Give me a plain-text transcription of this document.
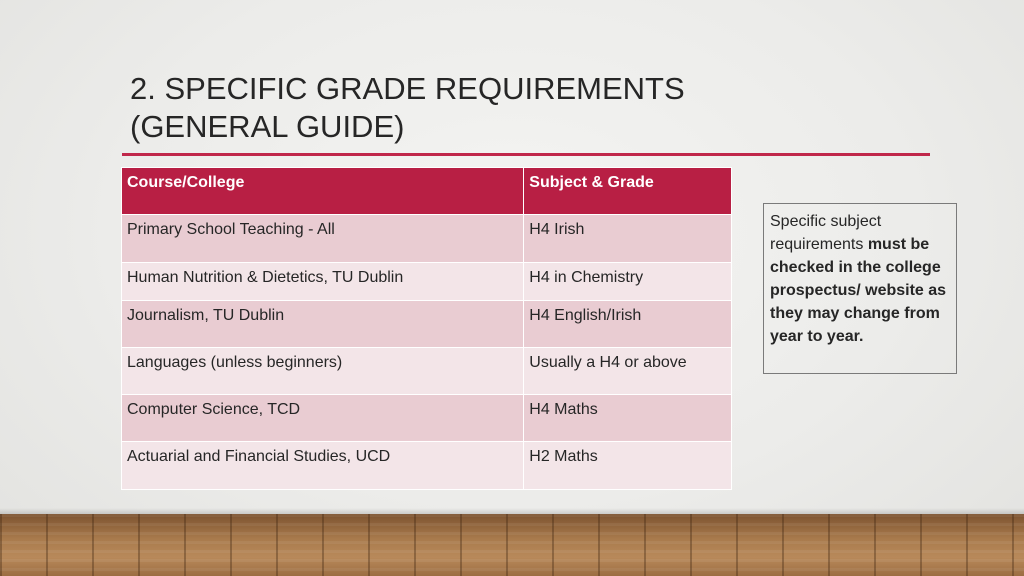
2. SPECIFIC GRADE REQUIREMENTS
(GENERAL GUIDE)
Course/College	Subject & Grade
Primary School Teaching - All	H4 Irish
Human Nutrition & Dietetics, TU Dublin	H4 in Chemistry
Journalism, TU Dublin	H4 English/Irish
Languages (unless beginners)	Usually a H4 or above
Computer Science, TCD	H4 Maths
Actuarial and Financial Studies, UCD	H2 Maths
Specific subject requirements must be checked in the college prospectus/ website as they may change from year to year.
